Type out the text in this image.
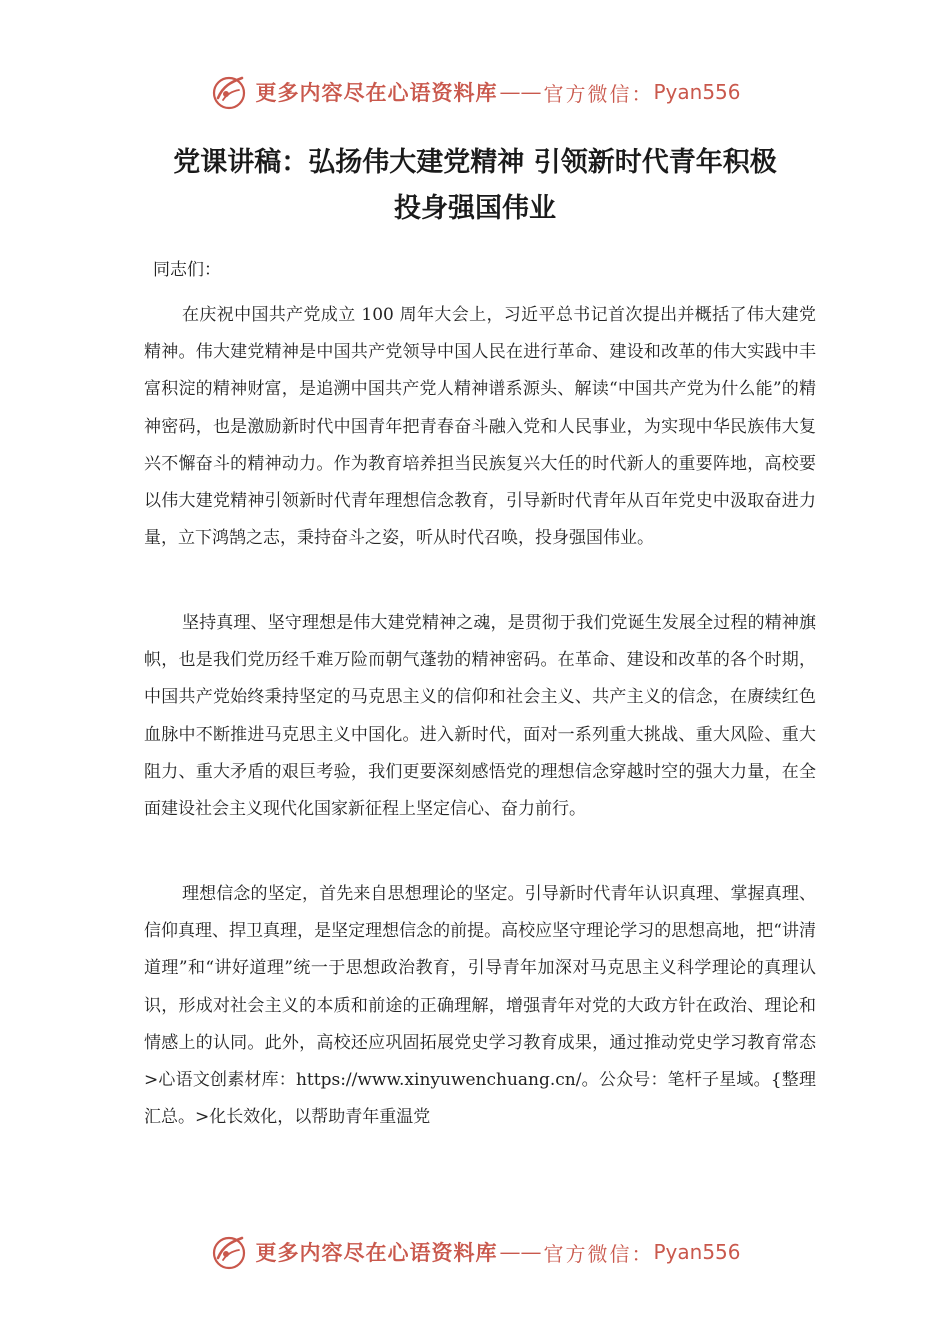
更多内容尽在心语资料库 —— 官方微信： Pyan556
党课讲稿：弘扬伟大建党精神 引领新时代青年积极
投身强国伟业
同志们：

在庆祝中国共产党成立 100 周年大会上，习近平总书记首次提出并概括了伟大建党精神。伟大建党精神是中国共产党领导中国人民在进行革命、建设和改革的伟大实践中丰富积淀的精神财富，是追溯中国共产党人精神谱系源头、解读“中国共产党为什么能”的精神密码，也是激励新时代中国青年把青春奋斗融入党和人民事业，为实现中华民族伟大复兴不懈奋斗的精神动力。作为教育培养担当民族复兴大任的时代新人的重要阵地，高校要以伟大建党精神引领新时代青年理想信念教育，引导新时代青年从百年党史中汲取奋进力量，立下鸿鹄之志，秉持奋斗之姿，听从时代召唤，投身强国伟业。

坚持真理、坚守理想是伟大建党精神之魂，是贯彻于我们党诞生发展全过程的精神旗帜，也是我们党历经千难万险而朝气蓬勃的精神密码。在革命、建设和改革的各个时期，中国共产党始终秉持坚定的马克思主义的信仰和社会主义、共产主义的信念，在赓续红色血脉中不断推进马克思主义中国化。进入新时代，面对一系列重大挑战、重大风险、重大阻力、重大矛盾的艰巨考验，我们更要深刻感悟党的理想信念穿越时空的强大力量，在全面建设社会主义现代化国家新征程上坚定信心、奋力前行。

理想信念的坚定，首先来自思想理论的坚定。引导新时代青年认识真理、掌握真理、信仰真理、捍卫真理，是坚定理想信念的前提。高校应坚守理论学习的思想高地，把“讲清道理”和“讲好道理”统一于思想政治教育，引导青年加深对马克思主义科学理论的真理认识，形成对社会主义的本质和前途的正确理解，增强青年对党的大政方针在政治、理论和情感上的认同。此外，高校还应巩固拓展党史学习教育成果，通过推动党史学习教育常态>心语文创素材库：https://www.xinyuwenchuang.cn/。公众号：笔杆子星域。{整理汇总。>化长效化，以帮助青年重温党

更多内容尽在心语资料库 —— 官方微信： Pyan556
